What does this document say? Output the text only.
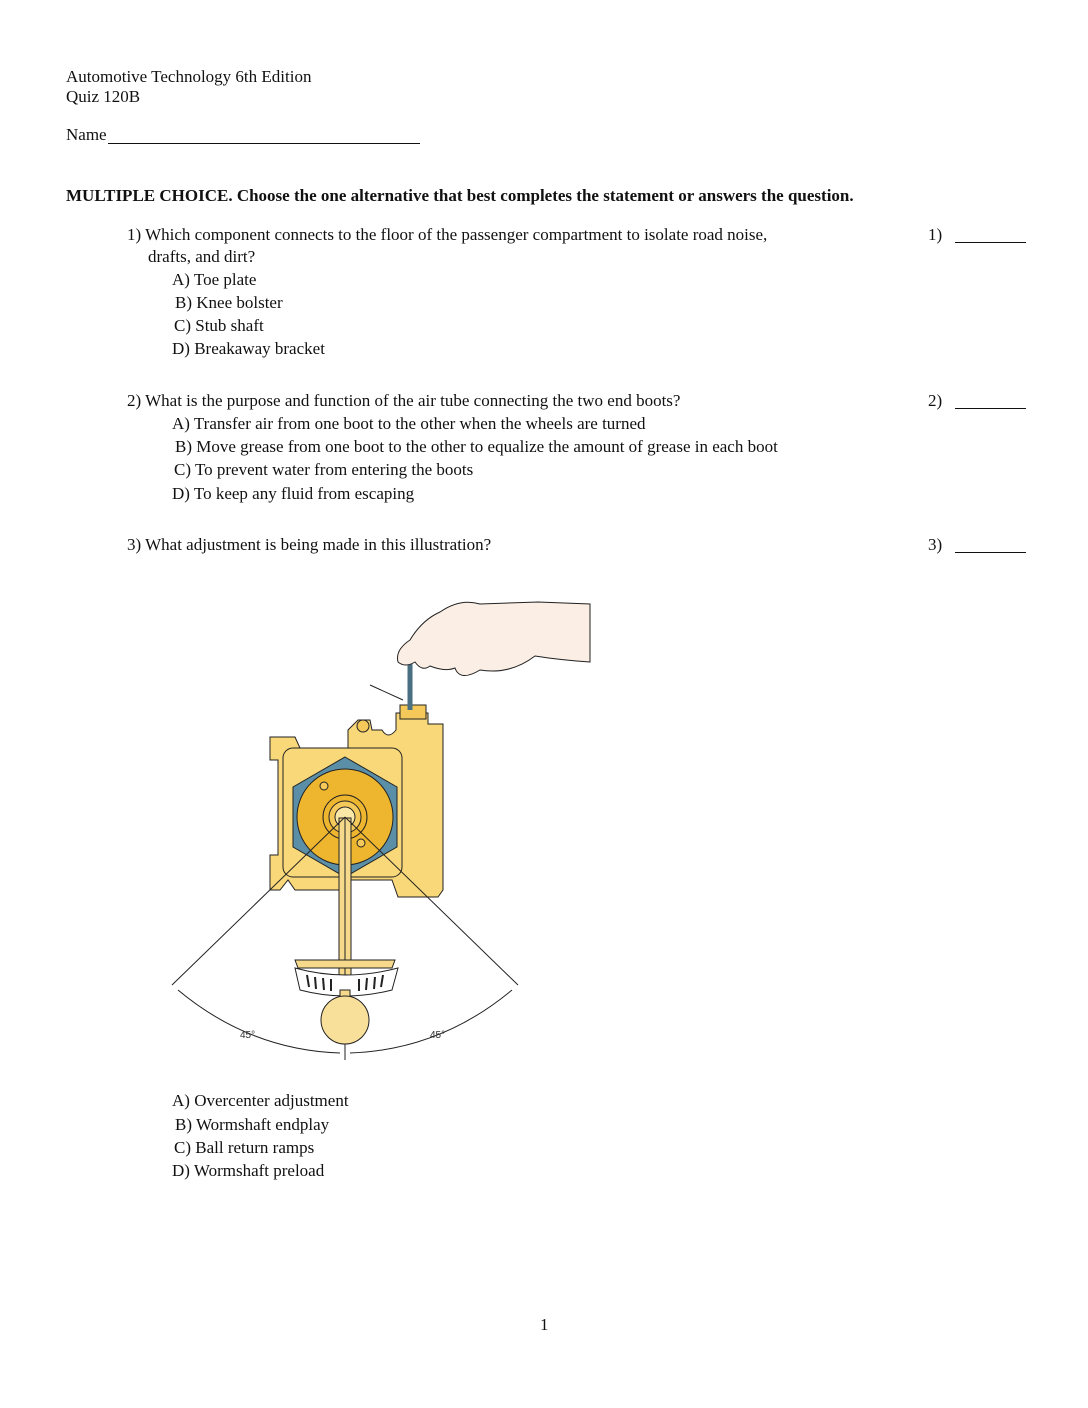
Automotive Technology 6th Edition
Quiz 120B
Name
MULTIPLE CHOICE. Choose the one alternative that best completes the statement or answers the question.
1) Which component connects to the floor of the passenger compartment to isolate road noise,
drafts, and dirt?
1)
A) Toe plate
B) Knee bolster
C) Stub shaft
D) Breakaway bracket
2) What is the purpose and function of the air tube connecting the two end boots?	2)
A) Transfer air from one boot to the other when the wheels are turned
B) Move grease from one boot to the other to equalize the amount of grease in each boot
C) To prevent water from entering the boots
D) To keep any fluid from escaping
3) What adjustment is being made in this illustration?	3)
45°	45°
A) Overcenter adjustment
B) Wormshaft endplay
C) Ball return ramps
D) Wormshaft preload
1
